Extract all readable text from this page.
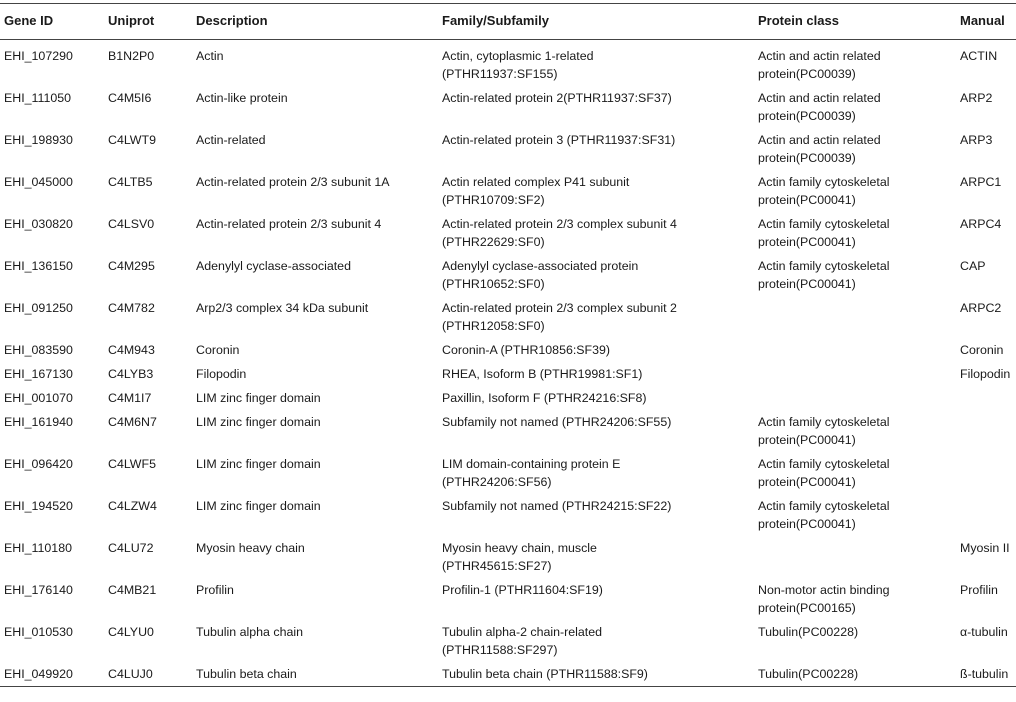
Gene ID	Uniprot	Description	Family/Subfamily	Protein class	Manual
EHI_107290	B1N2P0	Actin	Actin, cytoplasmic 1-related
(PTHR11937:SF155)	Actin and actin related
protein(PC00039)	ACTIN
EHI_111050	C4M5I6	Actin-like protein	Actin-related protein 2(PTHR11937:SF37)	Actin and actin related
protein(PC00039)	ARP2
EHI_198930	C4LWT9	Actin-related	Actin-related protein 3 (PTHR11937:SF31)	Actin and actin related
protein(PC00039)	ARP3
EHI_045000	C4LTB5	Actin-related protein 2/3 subunit 1A	Actin related complex P41 subunit
(PTHR10709:SF2)	Actin family cytoskeletal
protein(PC00041)	ARPC1
EHI_030820	C4LSV0	Actin-related protein 2/3 subunit 4	Actin-related protein 2/3 complex subunit 4
(PTHR22629:SF0)	Actin family cytoskeletal
protein(PC00041)	ARPC4
EHI_136150	C4M295	Adenylyl cyclase-associated	Adenylyl cyclase-associated protein
(PTHR10652:SF0)	Actin family cytoskeletal
protein(PC00041)	CAP
EHI_091250	C4M782	Arp2/3 complex 34 kDa subunit	Actin-related protein 2/3 complex subunit 2
(PTHR12058:SF0)		ARPC2
EHI_083590	C4M943	Coronin	Coronin-A (PTHR10856:SF39)		Coronin
EHI_167130	C4LYB3	Filopodin	RHEA, Isoform B (PTHR19981:SF1)		Filopodin
EHI_001070	C4M1I7	LIM zinc finger domain	Paxillin, Isoform F (PTHR24216:SF8)		

EHI_161940	C4M6N7	LIM zinc finger domain	Subfamily not named (PTHR24206:SF55)	Actin family cytoskeletal
protein(PC00041)	

EHI_096420	C4LWF5	LIM zinc finger domain	LIM domain-containing protein E
(PTHR24206:SF56)	Actin family cytoskeletal
protein(PC00041)	

EHI_194520	C4LZW4	LIM zinc finger domain	Subfamily not named (PTHR24215:SF22)	Actin family cytoskeletal
protein(PC00041)	

EHI_110180	C4LU72	Myosin heavy chain	Myosin heavy chain, muscle
(PTHR45615:SF27)		Myosin II
EHI_176140	C4MB21	Profilin	Profilin-1 (PTHR11604:SF19)	Non-motor actin binding
protein(PC00165)	Profilin
EHI_010530	C4LYU0	Tubulin alpha chain	Tubulin alpha-2 chain-related
(PTHR11588:SF297)	Tubulin(PC00228)	α-tubulin
EHI_049920	C4LUJ0	Tubulin beta chain	Tubulin beta chain (PTHR11588:SF9)	Tubulin(PC00228)	ß-tubulin
